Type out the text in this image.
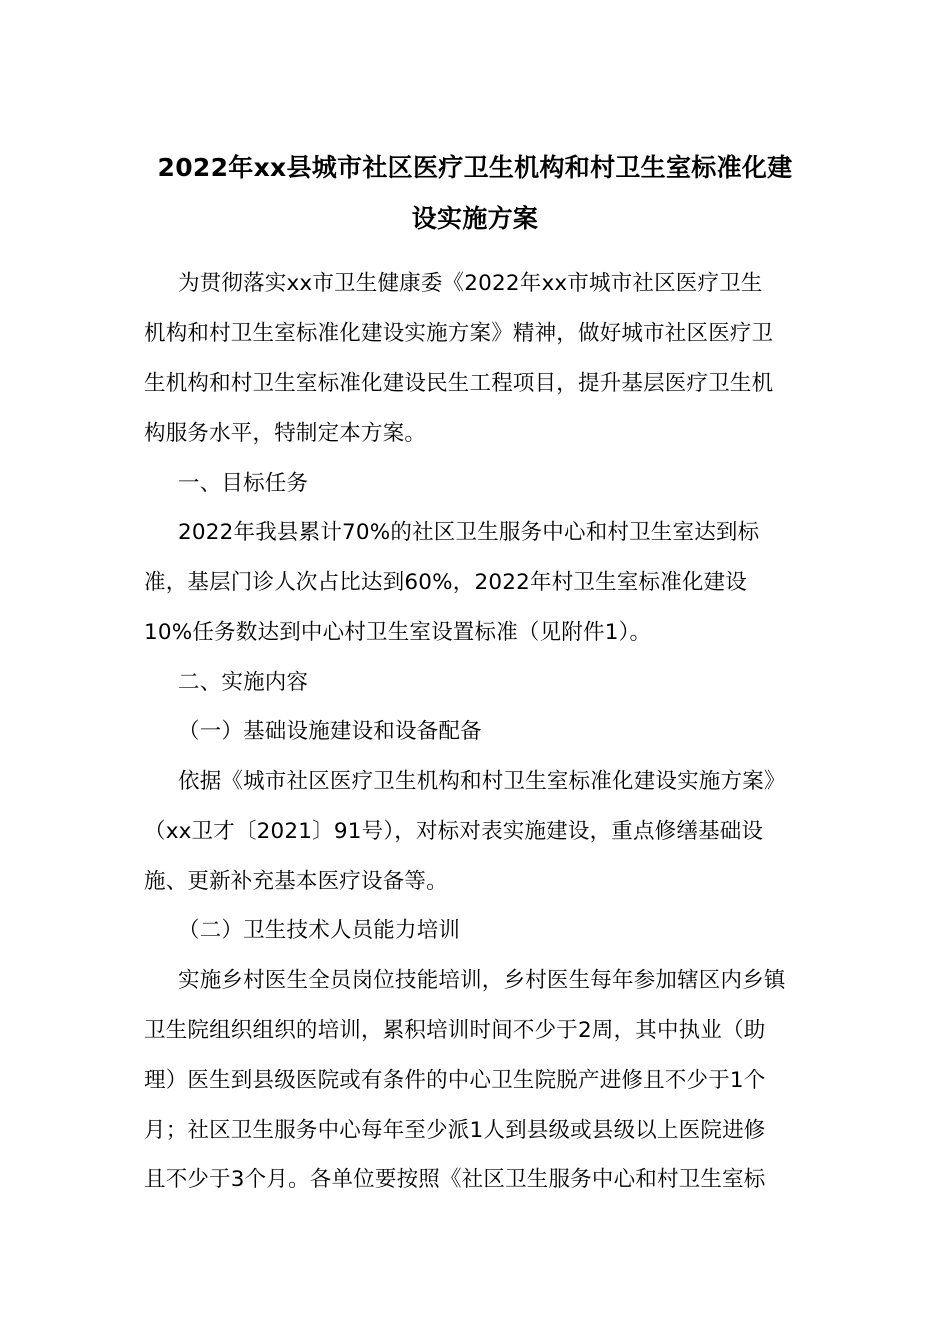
2022年xx县城市社区医疗卫生机构和村卫生室标准化建
设实施方案
为贯彻落实xx市卫生健康委《2022年xx市城市社区医疗卫生
机构和村卫生室标准化建设实施方案》精神，做好城市社区医疗卫
生机构和村卫生室标准化建设民生工程项目，提升基层医疗卫生机
构服务水平，特制定本方案。
一、目标任务
2022年我县累计70%的社区卫生服务中心和村卫生室达到标
准，基层门诊人次占比达到60%，2022年村卫生室标准化建设
10%任务数达到中心村卫生室设置标准（见附件1）。
二、实施内容
（一）基础设施建设和设备配备
依据《城市社区医疗卫生机构和村卫生室标准化建设实施方案》
（xx卫才〔2021〕91号），对标对表实施建设，重点修缮基础设
施、更新补充基本医疗设备等。
（二）卫生技术人员能力培训
实施乡村医生全员岗位技能培训，乡村医生每年参加辖区内乡镇
卫生院组织组织的培训，累积培训时间不少于2周，其中执业（助
理）医生到县级医院或有条件的中心卫生院脱产进修且不少于1个
月；社区卫生服务中心每年至少派1人到县级或县级以上医院进修
且不少于3个月。各单位要按照《社区卫生服务中心和村卫生室标
